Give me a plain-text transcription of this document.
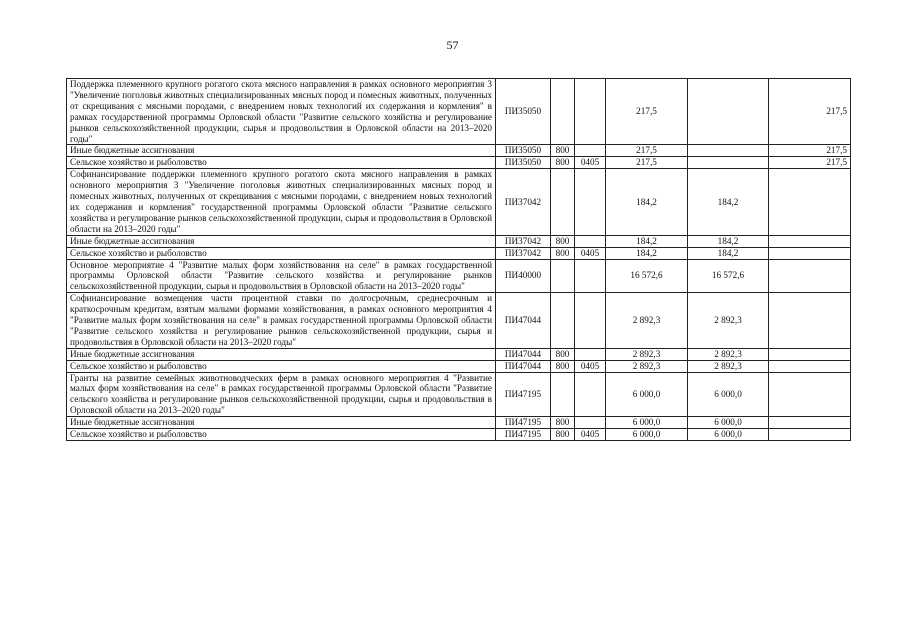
57
Поддержка племенного крупного рогатого скота мясного направления в рамках основного мероприятия 3 "Увеличение поголовья животных специализированных мясных пород и помесных животных, полученных от скрещивания с мясными породами, с внедрением новых технологий их содержания и кормления" в рамках государственной программы Орловской области "Развитие сельского хозяйства и регулирование рынков сельскохозяйственной продукции, сырья и продовольствия в Орловской области на 2013–2020 годы"	ПИ35050			217,5		217,5
Иные бюджетные ассигнования	ПИ35050	800		217,5		217,5
Сельское хозяйство и рыболовство	ПИ35050	800	0405	217,5		217,5
Софинансирование поддержки племенного крупного рогатого скота мясного направления в рамках основного мероприятия 3 "Увеличение поголовья животных специализированных мясных пород и помесных животных, полученных от скрещивания с мясными породами, с внедрением новых технологий их содержания и кормления" государственной программы Орловской области "Развитие сельского хозяйства и регулирование рынков сельскохозяйственной продукции, сырья и продовольствия в Орловской области на 2013–2020 годы"	ПИ37042			184,2	184,2	
Иные бюджетные ассигнования	ПИ37042	800		184,2	184,2	
Сельское хозяйство и рыболовство	ПИ37042	800	0405	184,2	184,2	
Основное мероприятие 4 "Развитие малых форм хозяйствования на селе" в рамках государственной программы Орловской области "Развитие сельского хозяйства и регулирование рынков сельскохозяйственной продукции, сырья и продовольствия в Орловской области на 2013–2020 годы"	ПИ40000			16 572,6	16 572,6	
Софинансирование возмещения части процентной ставки по долгосрочным, среднесрочным и краткосрочным кредитам, взятым малыми формами хозяйствования, в рамках основного мероприятия 4 "Развитие малых форм хозяйствования на селе" в рамках государственной программы Орловской области "Развитие сельского хозяйства и регулирование рынков сельскохозяйственной продукции, сырья и продовольствия в Орловской области на 2013–2020 годы"	ПИ47044			2 892,3	2 892,3	
Иные бюджетные ассигнования	ПИ47044	800		2 892,3	2 892,3	
Сельское хозяйство и рыболовство	ПИ47044	800	0405	2 892,3	2 892,3	
Гранты на развитие семейных животноводческих ферм в рамках основного мероприятия 4 "Развитие малых форм хозяйствования на селе" в рамках государственной программы Орловской области "Развитие сельского хозяйства и регулирование рынков сельскохозяйственной продукции, сырья и продовольствия в Орловской области на 2013–2020 годы"	ПИ47195			6 000,0	6 000,0	
Иные бюджетные ассигнования	ПИ47195	800		6 000,0	6 000,0	
Сельское хозяйство и рыболовство	ПИ47195	800	0405	6 000,0	6 000,0	
